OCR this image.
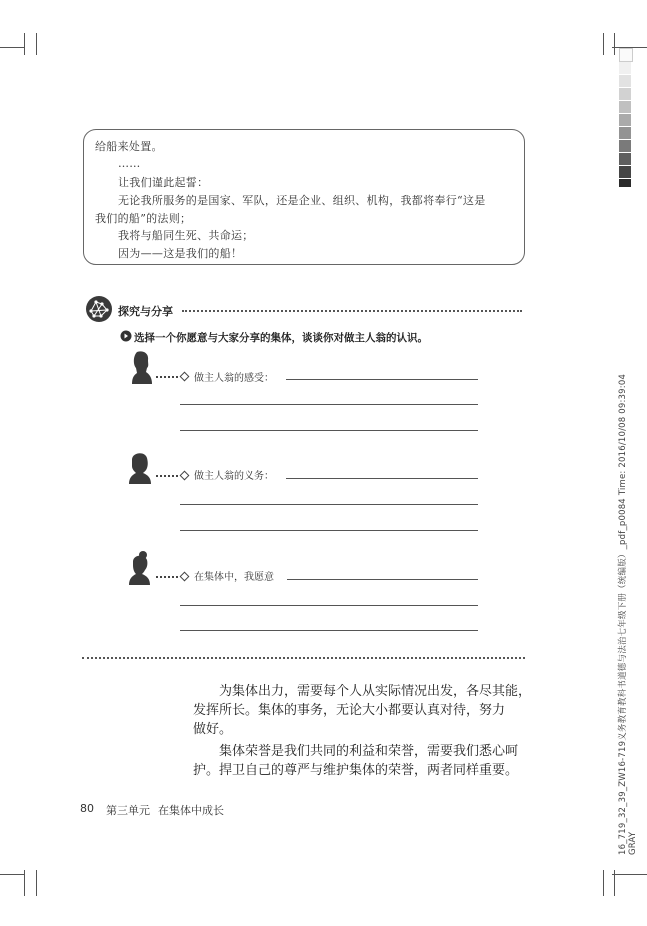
给船来处置。
……
让我们谨此起誓：
无论我所服务的是国家、军队，还是企业、组织、机构，我都将奉行“这是
我们的船”的法则；
我将与船同生死、共命运；
因为——这是我们的船！
探究与分享
选择一个你愿意与大家分享的集体，谈谈你对做主人翁的认识。
做主人翁的感受：
做主人翁的义务：
在集体中，我愿意
为集体出力，需要每个人从实际情况出发，各尽其能，
发挥所长。集体的事务，无论大小都要认真对待，努力
做好。
集体荣誉是我们共同的利益和荣誉，需要我们悉心呵
护。捍卫自己的尊严与维护集体的荣誉，两者同样重要。
80 第三单元 在集体中成长	16_719_32_39_ZW16-719义务教育教科书道德与法治七年级下册（统编版）_pdf_p0084 Time: 2016/10/08 09:39:04 GRAY
